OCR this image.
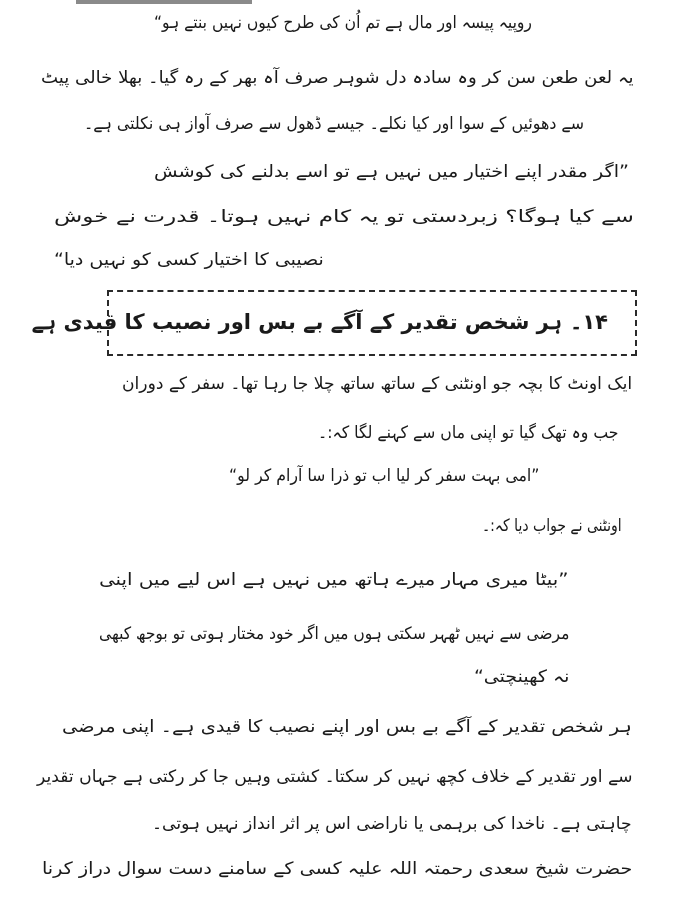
روپیہ پیسہ اور مال ہے تم اُن کی طرح کیوں نہیں بنتے ہو“
یہ لعن طعن سن کر وہ سادہ دل شوہر صرف آہ بھر کے رہ گیا۔ بھلا خالی پیٹ
سے دھوئیں کے سوا اور کیا نکلے۔ جیسے ڈھول سے صرف آواز ہی نکلتی ہے۔
”اگر مقدر اپنے اختیار میں نہیں ہے تو اسے بدلنے کی کوشش
سے کیا ہوگا؟ زبردستی تو یہ کام نہیں ہوتا۔ قدرت نے خوش
نصیبی کا اختیار کسی کو نہیں دیا“
۱۴۔ہر شخص تقدیر کے آگے بے بس اور نصیب کا قیدی ہے
ایک اونٹ کا بچہ جو اونٹنی کے ساتھ ساتھ چلا جا رہا تھا۔ سفر کے دوران
جب وہ تھک گیا تو اپنی ماں سے کہنے لگا کہ:۔
”امی بہت سفر کر لیا اب تو ذرا سا آرام کر لو“
اونٹنی نے جواب دیا کہ:۔
”بیٹا میری مہار میرے ہاتھ میں نہیں ہے اس لیے میں اپنی
مرضی سے نہیں ٹھہر سکتی ہوں میں اگر خود مختار ہوتی تو بوجھ کبھی
نہ کھینچتی“
ہر شخص تقدیر کے آگے بے بس اور اپنے نصیب کا قیدی ہے۔ اپنی مرضی
سے اور تقدیر کے خلاف کچھ نہیں کر سکتا۔ کشتی وہیں جا کر رکتی ہے جہاں تقدیر
چاہتی ہے۔ ناخدا کی برہمی یا ناراضی اس پر اثر انداز نہیں ہوتی۔
حضرت شیخ سعدی رحمتہ اللہ علیہ کسی کے سامنے دست سوال دراز کرنا
